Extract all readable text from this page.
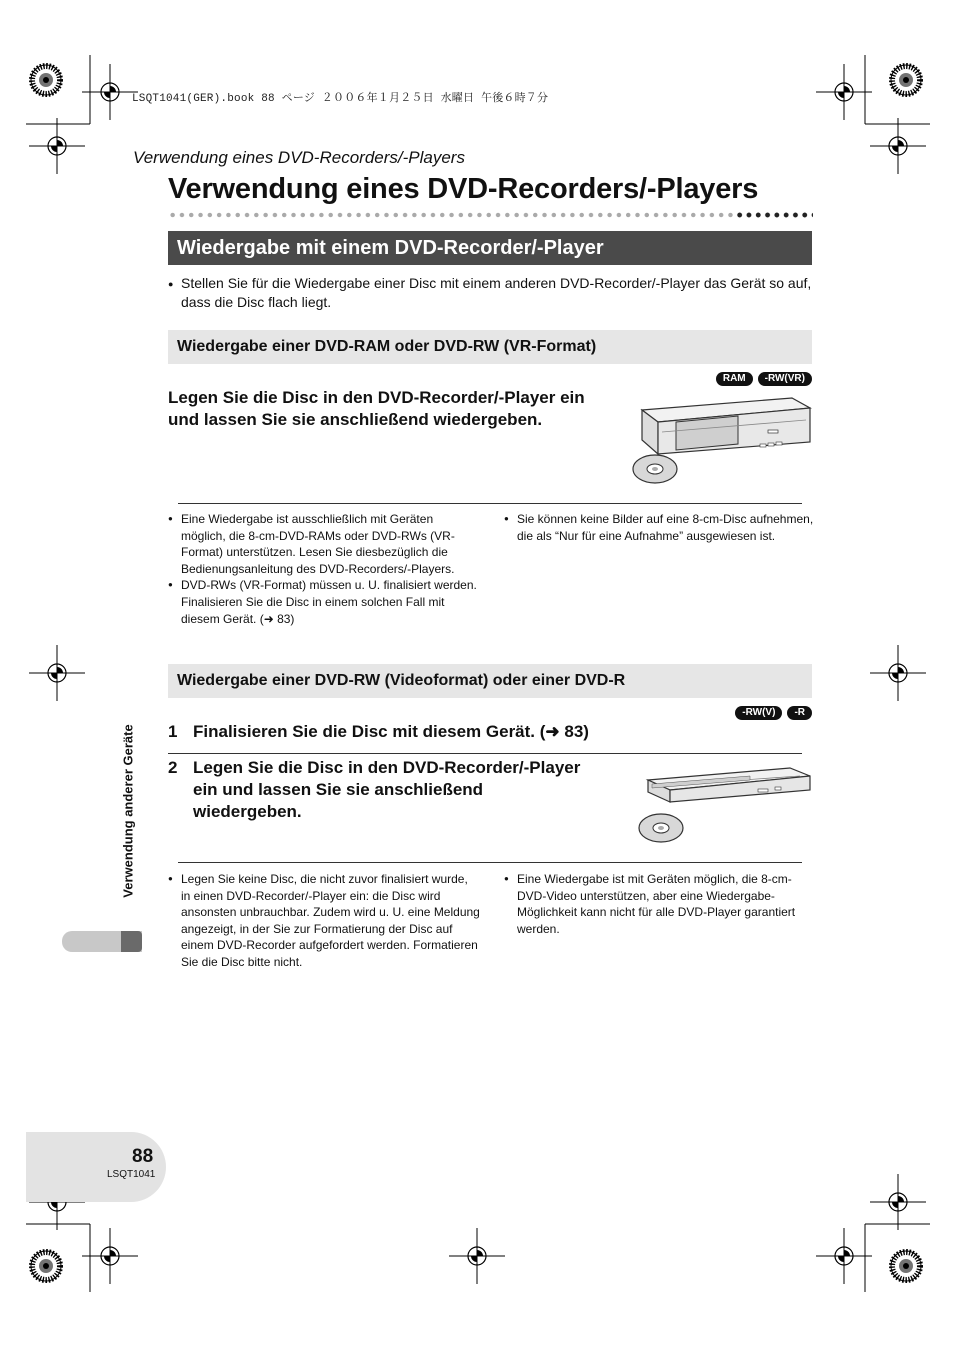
LSQT1041(GER).book 88 ページ ２００６年１月２５日 水曜日 午後６時７分
Verwendung eines DVD-Recorders/-Players
Verwendung eines DVD-Recorders/-Players
Wiedergabe mit einem DVD-Recorder/-Player
● Stellen Sie für die Wiedergabe einer Disc mit einem anderen DVD-Recorder/-Player das Gerät so auf, dass die Disc flach liegt.
Wiedergabe einer DVD-RAM oder DVD-RW (VR-Format)
RAM	-RW(VR)
Legen Sie die Disc in den DVD-Recorder/-Player ein
und lassen Sie sie anschließend wiedergeben.
● Eine Wiedergabe ist ausschließlich mit Geräten möglich, die 8-cm-DVD-RAMs oder DVD-RWs (VR-Format) unterstützen. Lesen Sie diesbezüglich die Bedienungsanleitung des DVD-Recorders/-Players.
● DVD-RWs (VR-Format) müssen u. U. finalisiert werden. Finalisieren Sie die Disc in einem solchen Fall mit diesem Gerät. (➜ 83)
● Sie können keine Bilder auf eine 8-cm-Disc aufnehmen, die als “Nur für eine Aufnahme” ausgewiesen ist.
Wiedergabe einer DVD-RW (Videoformat) oder einer DVD-R
-RW(V)	-R
1 Finalisieren Sie die Disc mit diesem Gerät. (➜ 83)
2 Legen Sie die Disc in den DVD-Recorder/-Player
ein und lassen Sie sie anschließend
wiedergeben.
● Legen Sie keine Disc, die nicht zuvor finalisiert wurde, in einen DVD-Recorder/-Player ein: die Disc wird ansonsten unbrauchbar. Zudem wird u. U. eine Meldung angezeigt, in der Sie zur Formatierung der Disc auf einem DVD-Recorder aufgefordert werden. Formatieren Sie die Disc bitte nicht.
● Eine Wiedergabe ist mit Geräten möglich, die 8-cm-DVD-Video unterstützen, aber eine Wiedergabe-Möglichkeit kann nicht für alle DVD-Player garantiert werden.
Verwendung anderer Geräte
88
LSQT1041
